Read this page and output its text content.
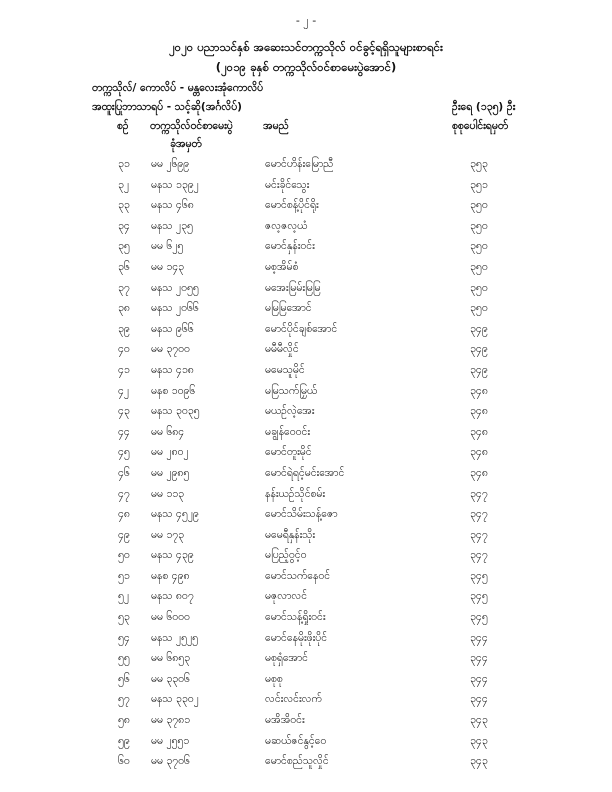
- ၂ -
၂၀၂၀ ပညာသင်နှစ် အဆေးသင်တက္ကသိုလ် ဝင်ခွင့်ရရှိသူများစာရင်း
(၂၀၁၉ ခုနှစ် တက္ကသိုလ်ဝင်စာမေးပွဲအောင်)
တက္ကသိုလ်/ ကောလိပ် - မန္တလေးအုံကောလိပ်
အထူးပြုဘာသာရပ် - သင့်ဆို(အင်္ဂလိပ်)	ဦးရေ (၁၃၅) ဦး
စဉ် တက္ကသိုလ်ဝင်စာမေးပွဲ
ခုံအမှတ်
အမည်	စုစုပေါင်းရမှတ်
၃၁ မမ ၂၆၉၉	မောင်ဟိန်းမြောညီ	၃၅၃
၃၂ မနသ ၁၃၉၂	မင်းခိုင်သွေး	၃၅၁
၃၃ မနသ ၄၆၈	မောင်စန့်ပိုင်ရိုး	၃၅၀
၃၄ မနသ ၂၃၅	ဇလ့ဇလ့ယံ	၃၅၀
၃၅ မမ ၆၂၅	မောင်နှန်းဝင်း	၃၅၀
၃၆ မမ ၁၄၃	မစ့အိမ်စံ	၃၅၀
၃၇ မနသ ၂၀၅၅	မအေးမြမ်းမြမြ	၃၅၀
၃၈ မနသ ၂၀၆၆	မမြမြအောင်	၃၅၀
၃၉ မနသ ၉၆၆	မောင်ပိုင်ချစ်အောင်	၃၄၉
၄၀ မမ ၃၇၀၀	မမီမီလှိုင်	၃၄၉
၄၁ မနသ ၄၁၈	မမေသူမိုင်	၃၄၉
၄၂ မနစ ၁၀၉၆	မမြသက်မြှယ်	၃၄၈
၄၃ မနသ ၃၀၃၅	မယဉ်လဲ့အေး	၃၄၈
၄၄ မမ ၆၈၄	မချွန်ဝေဝင်း	၃၄၈
၄၅ မမ ၂၈၀၂	မောင်တူးမိုင်	၃၄၈
၄၆ မမ ၂၉၈၅	မောင်ရဲရင့်မင်းအောင်	၃၄၈
၄၇ မမ ၁၁၃	နန်းယဉ်သိုင်စမ်း	၃၄၇
၄၈ မနသ ၄၅၂၉	မောင်သိမ်းသန့်ဇော	၃၄၇
၄၉ မမ ၁၇၃	မမေရီနှန်းသိုး	၃၄၇
၅၀ မနသ ၄၃၉	မပြည့်ဝွင့်ဝ	၃၄၇
၅၁ မနစ ၄၉၈	မောင်သက်နေဝင်	၃၄၅
၅၂ မနသ ၈၀၇	မဇုလာလင်	၃၄၅
၅၃ မမ ၆၀၀၀	မောင်သန့်ရှိုးဝင်း	၃၄၅
၅၄ မနသ ၂၅၂၅	မောင်နေမိုးဖိုးပိုင်	၃၄၄
၅၅ မမ ၆၈၅၃	မစုရှံအောင်	၃၄၄
၅၆ မမ ၃၃၀၆	မစုစု	၃၄၄
၅၇ မနသ ၃၃၀၂	လင်းလင်းလက်	၃၄၄
၅၈ မမ ၃၇၈၁	မအိအိဝင်း	၃၄၃
၅၉ မမ ၂၅၅၁	မဆယ်ဇင်နွင့်ဝေ	၃၄၃
၆၀ မမ ၃၇၀၆	မောင်စည်သူလှိုင်	၃၄၃
